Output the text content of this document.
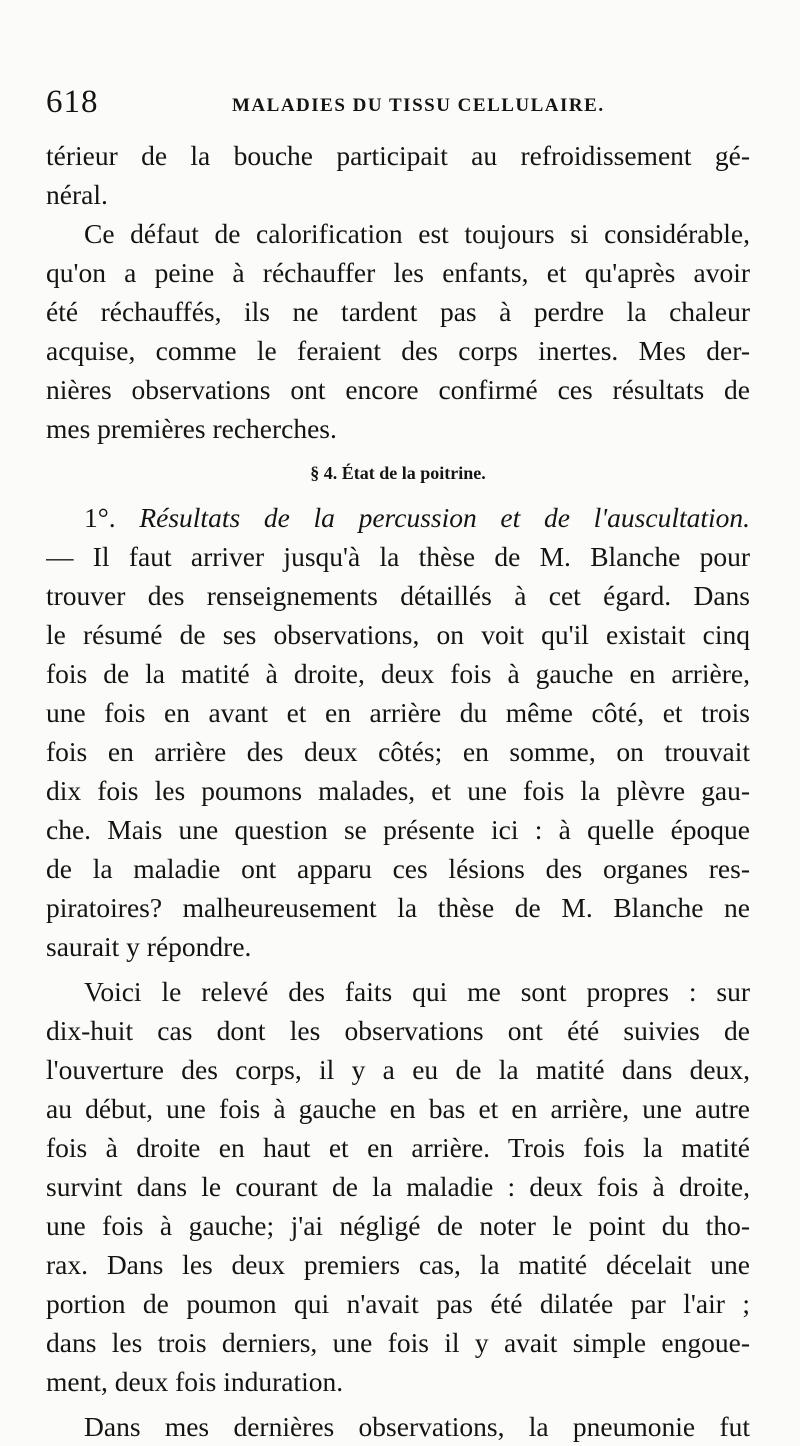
618	MALADIES DU TISSU CELLULAIRE.
térieur de la bouche participait au refroidissement gé-
néral.
Ce défaut de calorification est toujours si considérable,
qu'on a peine à réchauffer les enfants, et qu'après avoir
été réchauffés, ils ne tardent pas à perdre la chaleur
acquise, comme le feraient des corps inertes. Mes der-
nières observations ont encore confirmé ces résultats de
mes premières recherches.
§ 4. État de la poitrine.
1°. Résultats de la percussion et de l'auscultation.
— Il faut arriver jusqu'à la thèse de M. Blanche pour
trouver des renseignements détaillés à cet égard. Dans
le résumé de ses observations, on voit qu'il existait cinq
fois de la matité à droite, deux fois à gauche en arrière,
une fois en avant et en arrière du même côté, et trois
fois en arrière des deux côtés; en somme, on trouvait
dix fois les poumons malades, et une fois la plèvre gau-
che. Mais une question se présente ici : à quelle époque
de la maladie ont apparu ces lésions des organes res-
piratoires? malheureusement la thèse de M. Blanche ne
saurait y répondre.
Voici le relevé des faits qui me sont propres : sur
dix-huit cas dont les observations ont été suivies de
l'ouverture des corps, il y a eu de la matité dans deux,
au début, une fois à gauche en bas et en arrière, une autre
fois à droite en haut et en arrière. Trois fois la matité
survint dans le courant de la maladie : deux fois à droite,
une fois à gauche; j'ai négligé de noter le point du tho-
rax. Dans les deux premiers cas, la matité décelait une
portion de poumon qui n'avait pas été dilatée par l'air ;
dans les trois derniers, une fois il y avait simple engoue-
ment, deux fois induration.
Dans mes dernières observations, la pneumonie fut
